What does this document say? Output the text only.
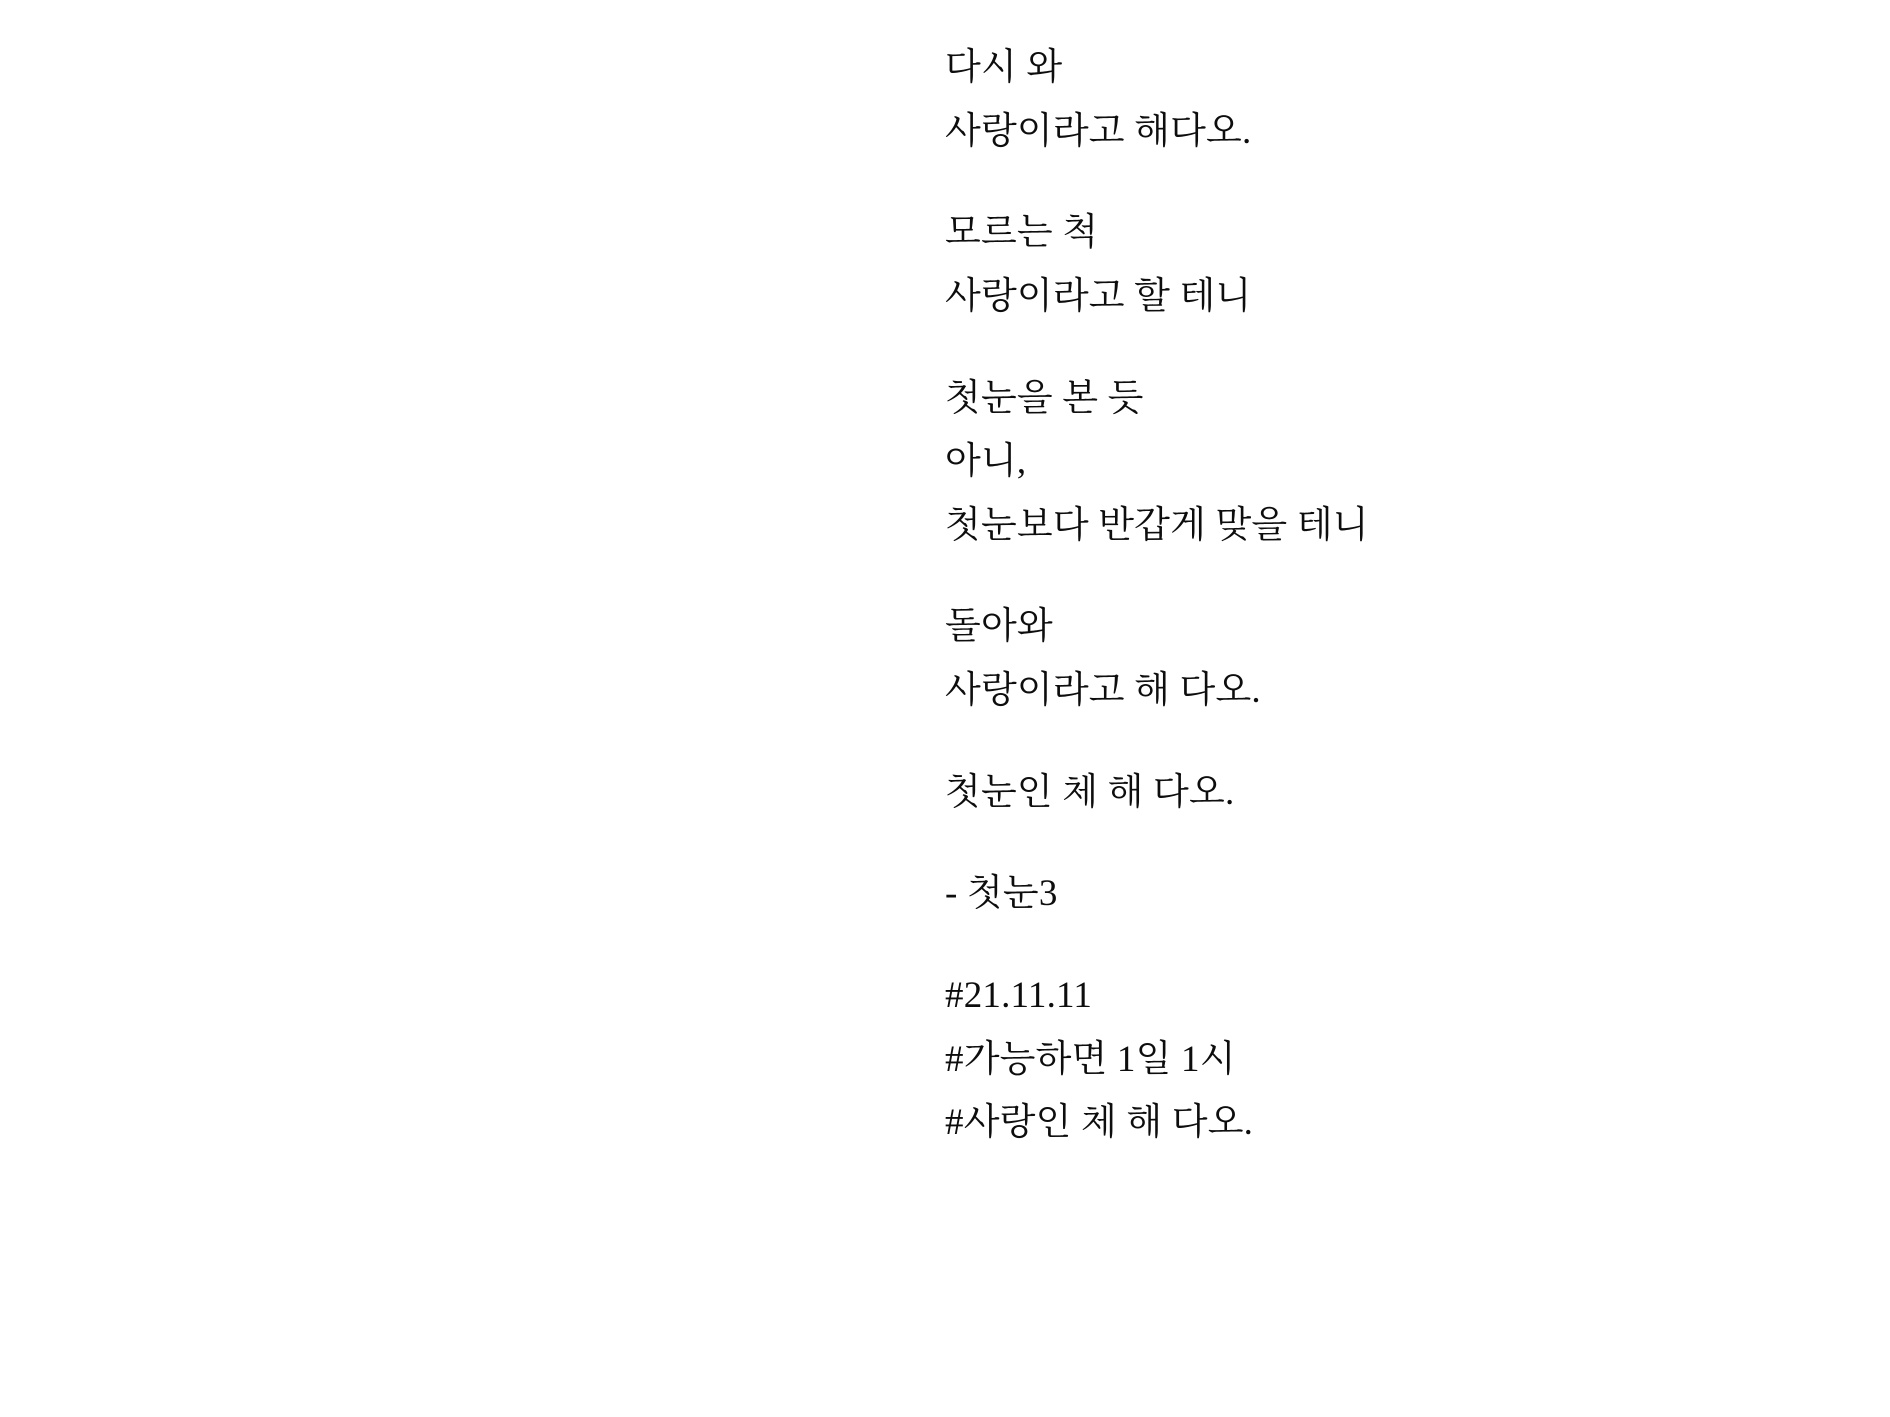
다시 와
사랑이라고 해다오.
모르는 척
사랑이라고 할 테니
첫눈을 본 듯
아니,
첫눈보다 반갑게 맞을 테니
돌아와
사랑이라고 해 다오.
첫눈인 체 해 다오.
- 첫눈3
#21.11.11
#가능하면 1일 1시
#사랑인 체 해 다오.
